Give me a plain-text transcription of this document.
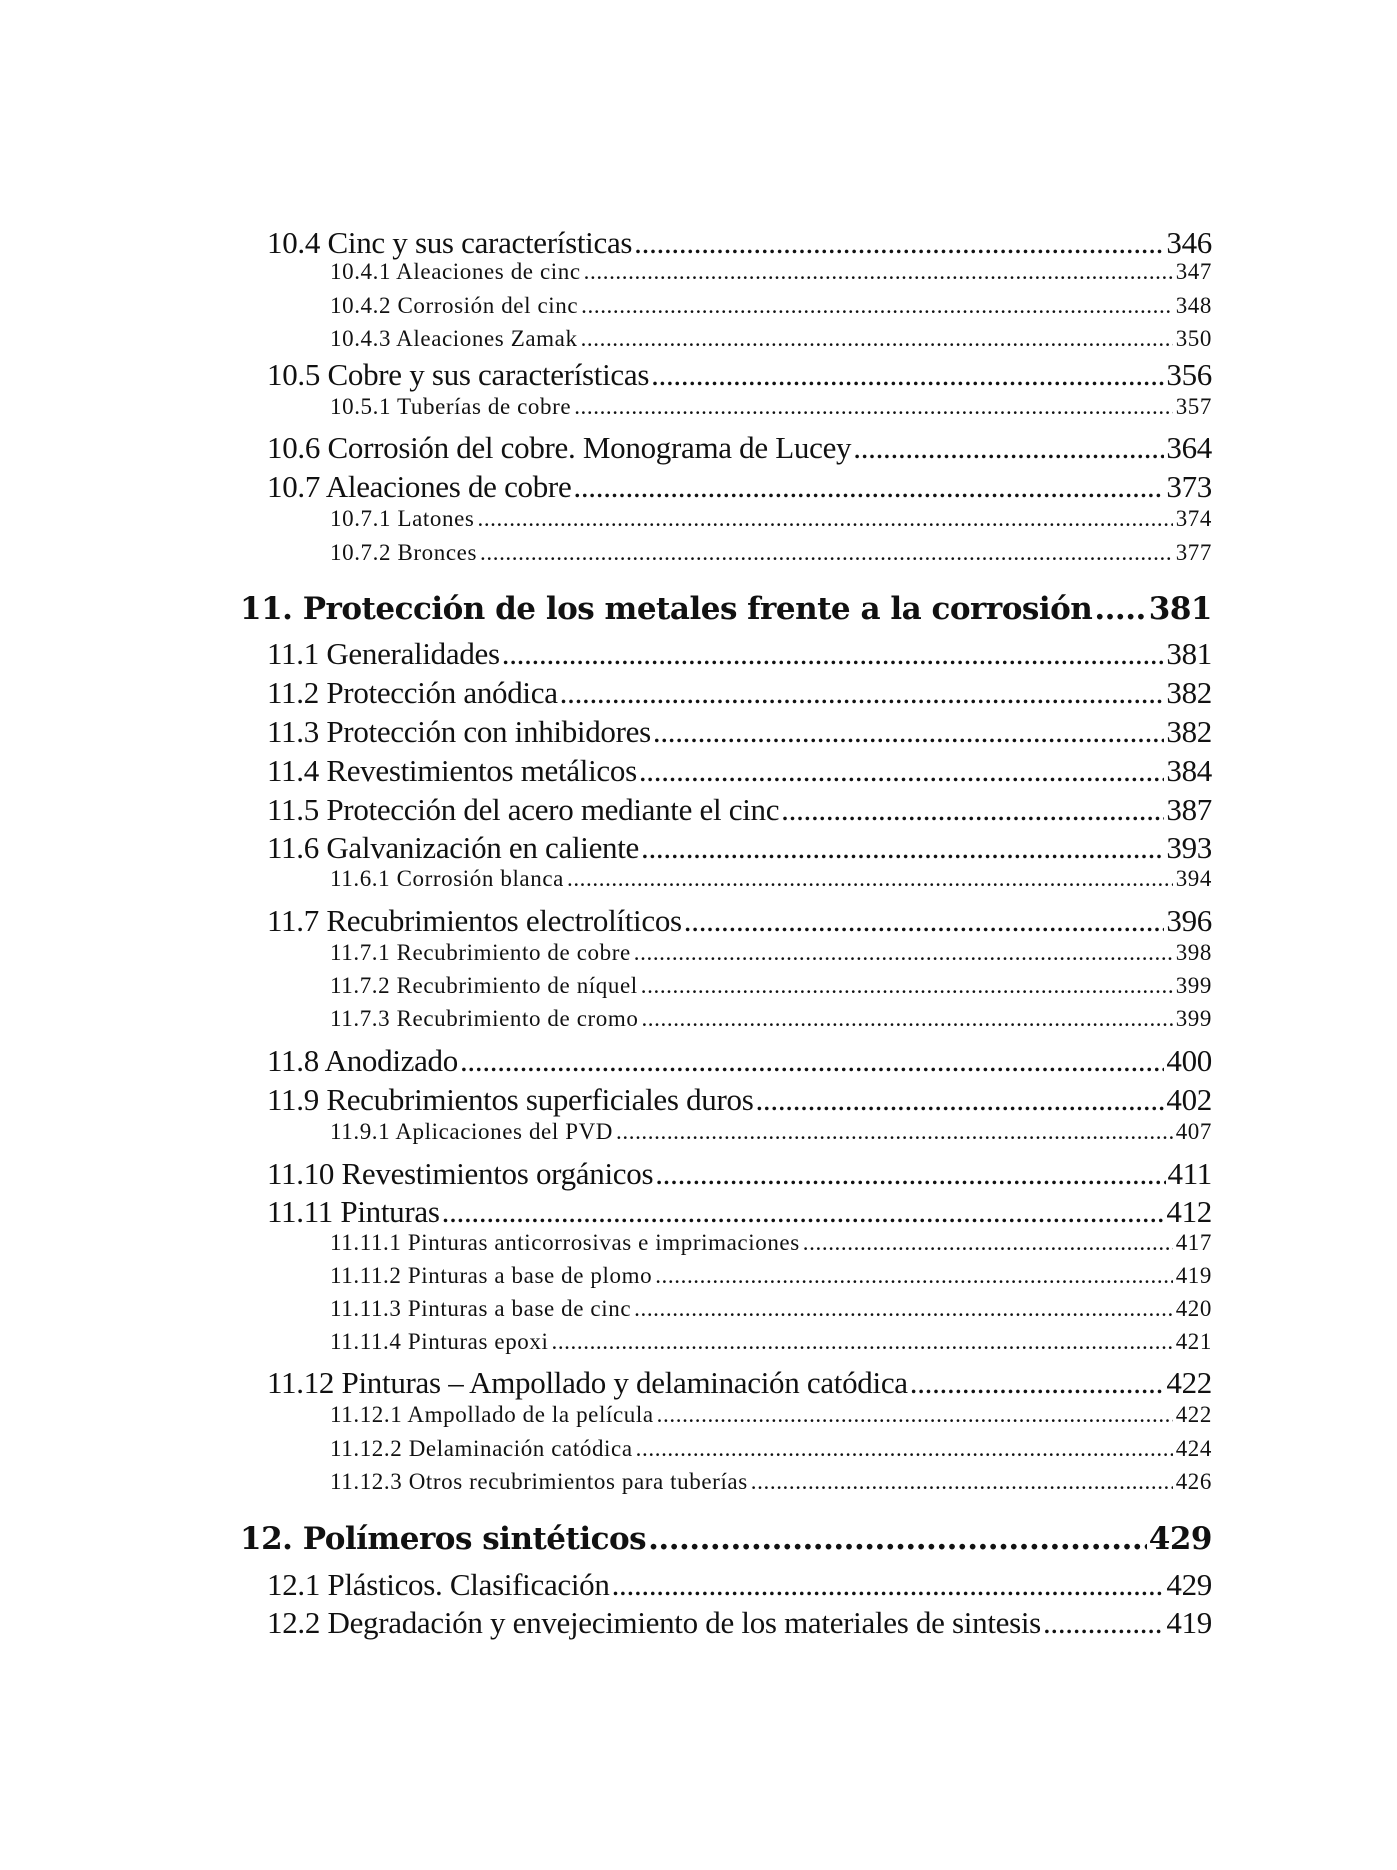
10.4 Cinc y sus características .....	346
10.4.1 Aleaciones de cinc .....	347
10.4.2 Corrosión del cinc .....	348
10.4.3 Aleaciones Zamak .....	350
10.5 Cobre y sus características .....	356
10.5.1 Tuberías de cobre .....	357
10.6 Corrosión del cobre. Monograma de Lucey .....	364
10.7 Aleaciones de cobre .....	373
10.7.1 Latones .....	374
10.7.2 Bronces .....	377
11. Protección de los metales frente a la corrosión ..... 381
11.1 Generalidades .....	381
11.2 Protección anódica .....	382
11.3 Protección con inhibidores .....	382
11.4 Revestimientos metálicos .....	384
11.5 Protección del acero mediante el cinc .....	387
11.6 Galvanización en caliente .....	393
11.6.1 Corrosión blanca .....	394
11.7 Recubrimientos electrolíticos .....	396
11.7.1 Recubrimiento de cobre .....	398
11.7.2 Recubrimiento de níquel .....	399
11.7.3 Recubrimiento de cromo .....	399
11.8 Anodizado .....	400
11.9 Recubrimientos superficiales duros .....	402
11.9.1 Aplicaciones del PVD .....	407
11.10 Revestimientos orgánicos .....	411
11.11 Pinturas .....	412
11.11.1 Pinturas anticorrosivas e imprimaciones .....	417
11.11.2 Pinturas a base de plomo .....	419
11.11.3 Pinturas a base de cinc .....	420
11.11.4 Pinturas epoxi .....	421
11.12 Pinturas – Ampollado y delaminación catódica .....	422
11.12.1 Ampollado de la película .....	422
11.12.2 Delaminación catódica .....	424
11.12.3 Otros recubrimientos para tuberías .....	426
12. Polímeros sintéticos .....	429
12.1 Plásticos. Clasificación .....	429
12.2 Degradación y envejecimiento de los materiales de sintesis .....	419
